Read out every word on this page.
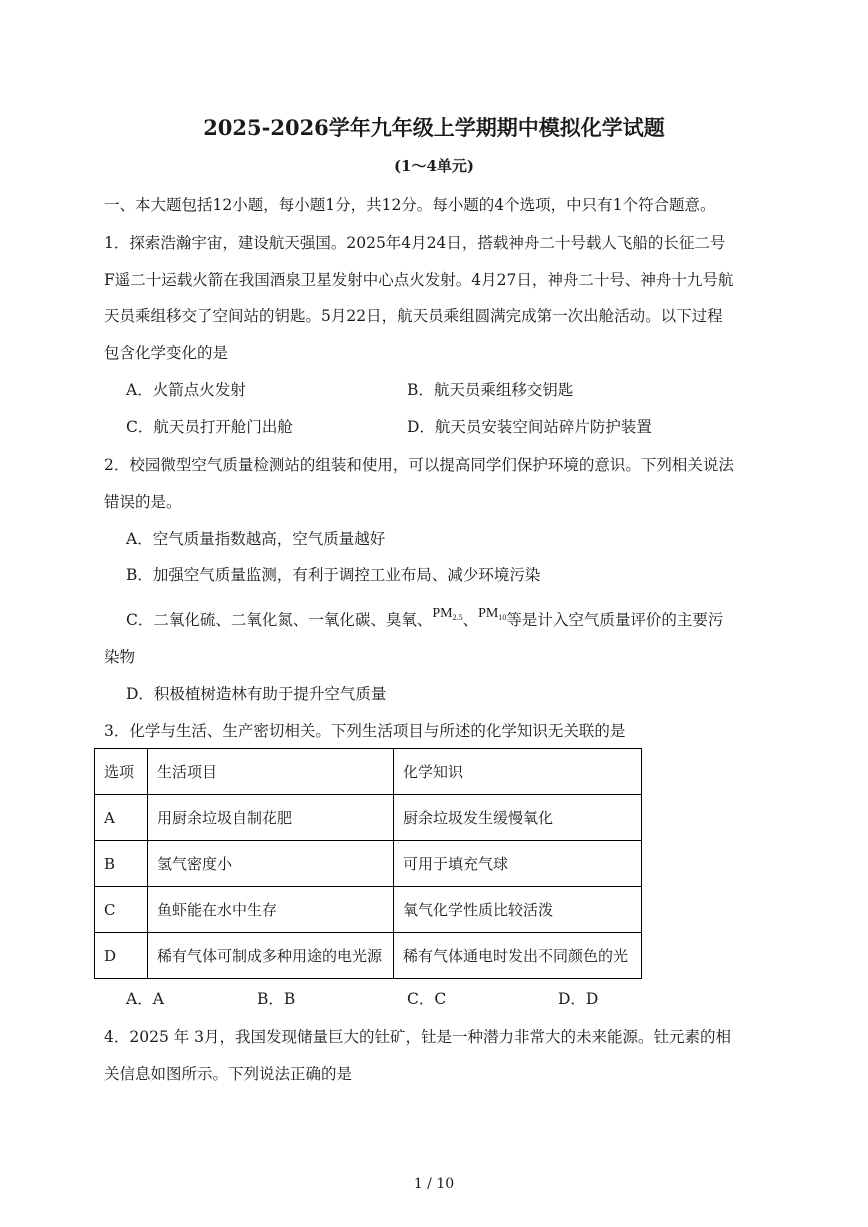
2025-2026学年九年级上学期期中模拟化学试题
(1～4单元)
一、本大题包括12小题，每小题1分，共12分。每小题的4个选项，中只有1个符合题意。
1．探索浩瀚宇宙，建设航天强国。2025年4月24日，搭载神舟二十号载人飞船的长征二号
F遥二十运载火箭在我国酒泉卫星发射中心点火发射。4月27日，神舟二十号、神舟十九号航
天员乘组移交了空间站的钥匙。5月22日，航天员乘组圆满完成第一次出舱活动。以下过程
包含化学变化的是
A．火箭点火发射	B．航天员乘组移交钥匙
C．航天员打开舱门出舱	D．航天员安装空间站碎片防护装置
2．校园微型空气质量检测站的组装和使用，可以提高同学们保护环境的意识。下列相关说法
错误的是。
A．空气质量指数越高，空气质量越好
B．加强空气质量监测，有利于调控工业布局、减少环境污染
C．二氧化硫、二氧化氮、一氧化碳、臭氧、$PM_{2.5}$、$PM_{10}$等是计入空气质量评价的主要污
染物
D．积极植树造林有助于提升空气质量
3．化学与生活、生产密切相关。下列生活项目与所述的化学知识无关联的是
选项	生活项目	化学知识
A	用厨余垃圾自制花肥	厨余垃圾发生缓慢氧化
B	氢气密度小	可用于填充气球
C	鱼虾能在水中生存	氧气化学性质比较活泼
D	稀有气体可制成多种用途的电光源	稀有气体通电时发出不同颜色的光
A．A	B．B	C．C	D．D
4．2025 年 3月，我国发现储量巨大的钍矿，钍是一种潜力非常大的未来能源。钍元素的相
关信息如图所示。下列说法正确的是
1 / 10
